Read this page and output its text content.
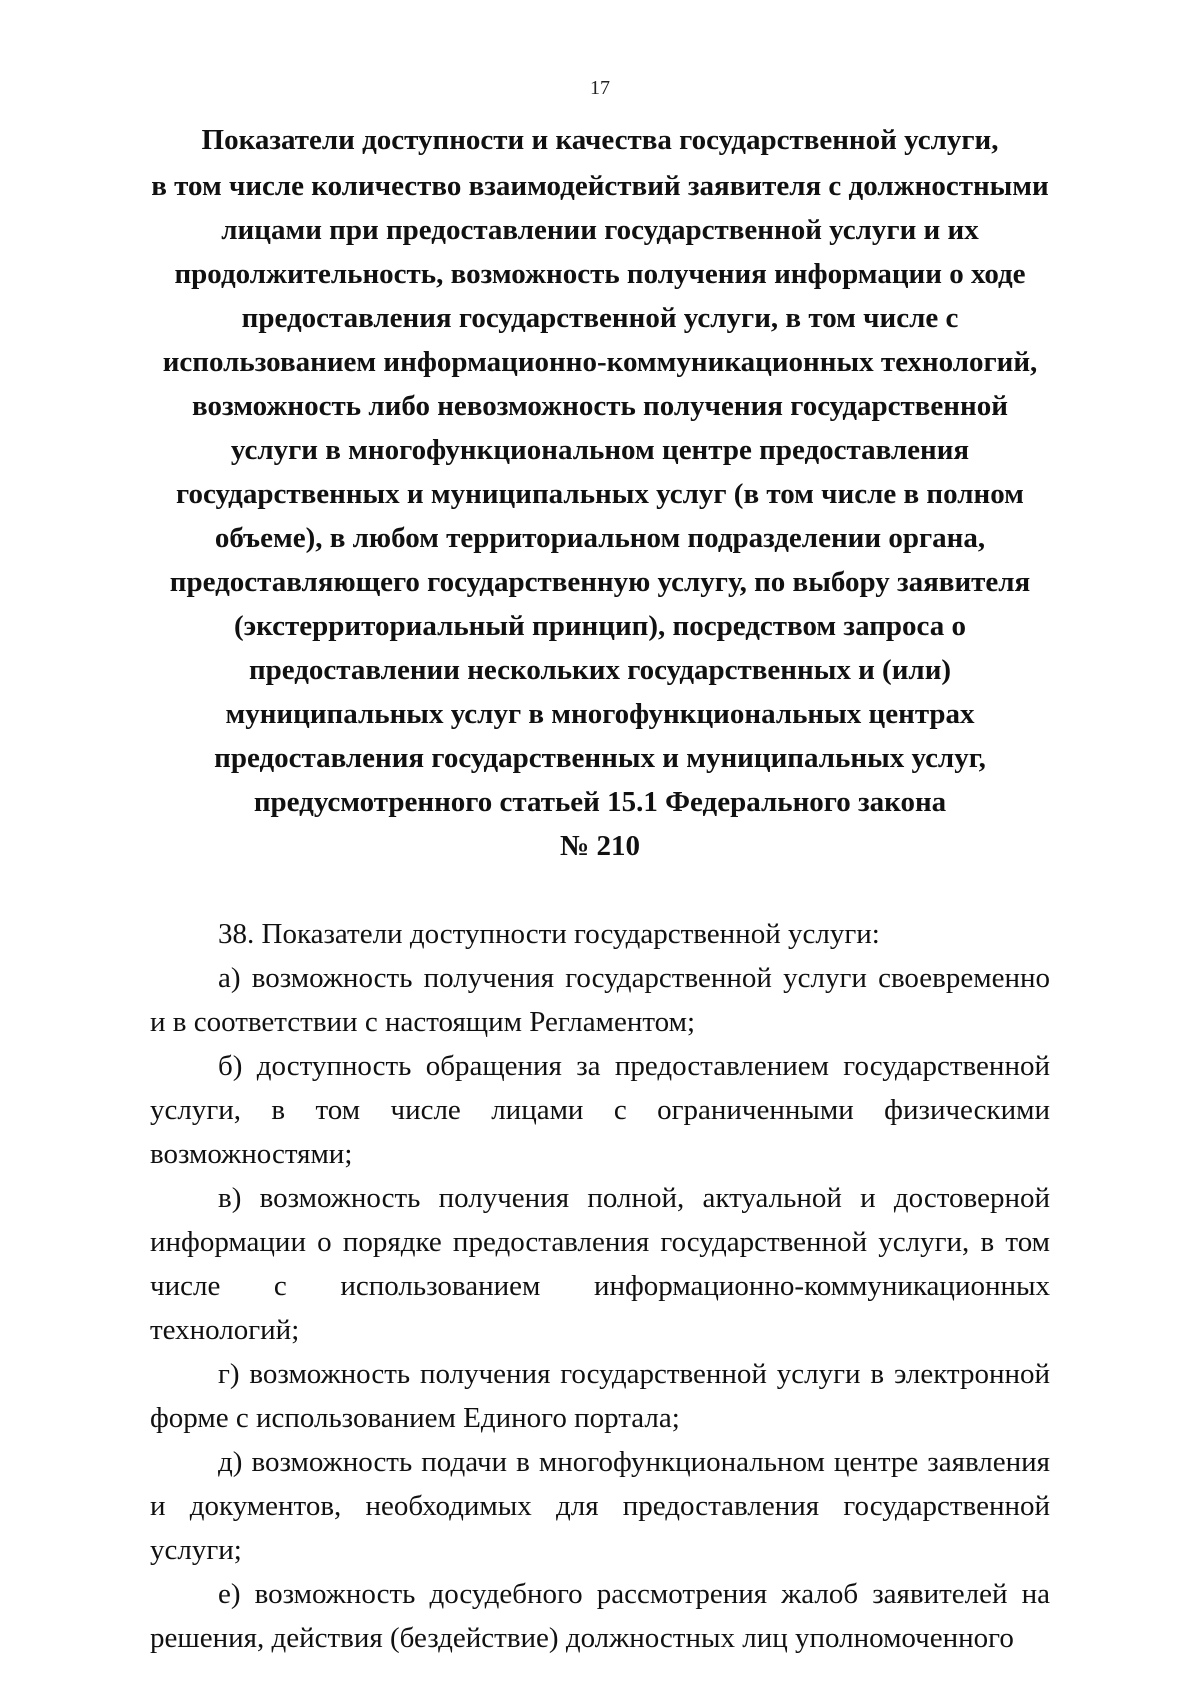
17
Показатели доступности и качества государственной услуги,
в том числе количество взаимодействий заявителя с должностными
лицами при предоставлении государственной услуги и их
продолжительность, возможность получения информации о ходе
предоставления государственной услуги, в том числе с
использованием информационно-коммуникационных технологий,
возможность либо невозможность получения государственной
услуги в многофункциональном центре предоставления
государственных и муниципальных услуг (в том числе в полном
объеме), в любом территориальном подразделении органа,
предоставляющего государственную услугу, по выбору заявителя
(экстерриториальный принцип), посредством запроса о
предоставлении нескольких государственных и (или)
муниципальных услуг в многофункциональных центрах
предоставления государственных и муниципальных услуг,
предусмотренного статьей 15.1 Федерального закона
№ 210

38. Показатели доступности государственной услуги:

а) возможность получения государственной услуги своевременно и в соответствии с настоящим Регламентом;

б) доступность обращения за предоставлением государственной услуги, в том числе лицами с ограниченными физическими возможностями;

в) возможность получения полной, актуальной и достоверной информации о порядке предоставления государственной услуги, в том числе с использованием информационно-коммуникационных технологий;

г) возможность получения государственной услуги в электронной форме с использованием Единого портала;

д) возможность подачи в многофункциональном центре заявления и документов, необходимых для предоставления государственной услуги;

е) возможность досудебного рассмотрения жалоб заявителей на решения, действия (бездействие) должностных лиц уполномоченного
